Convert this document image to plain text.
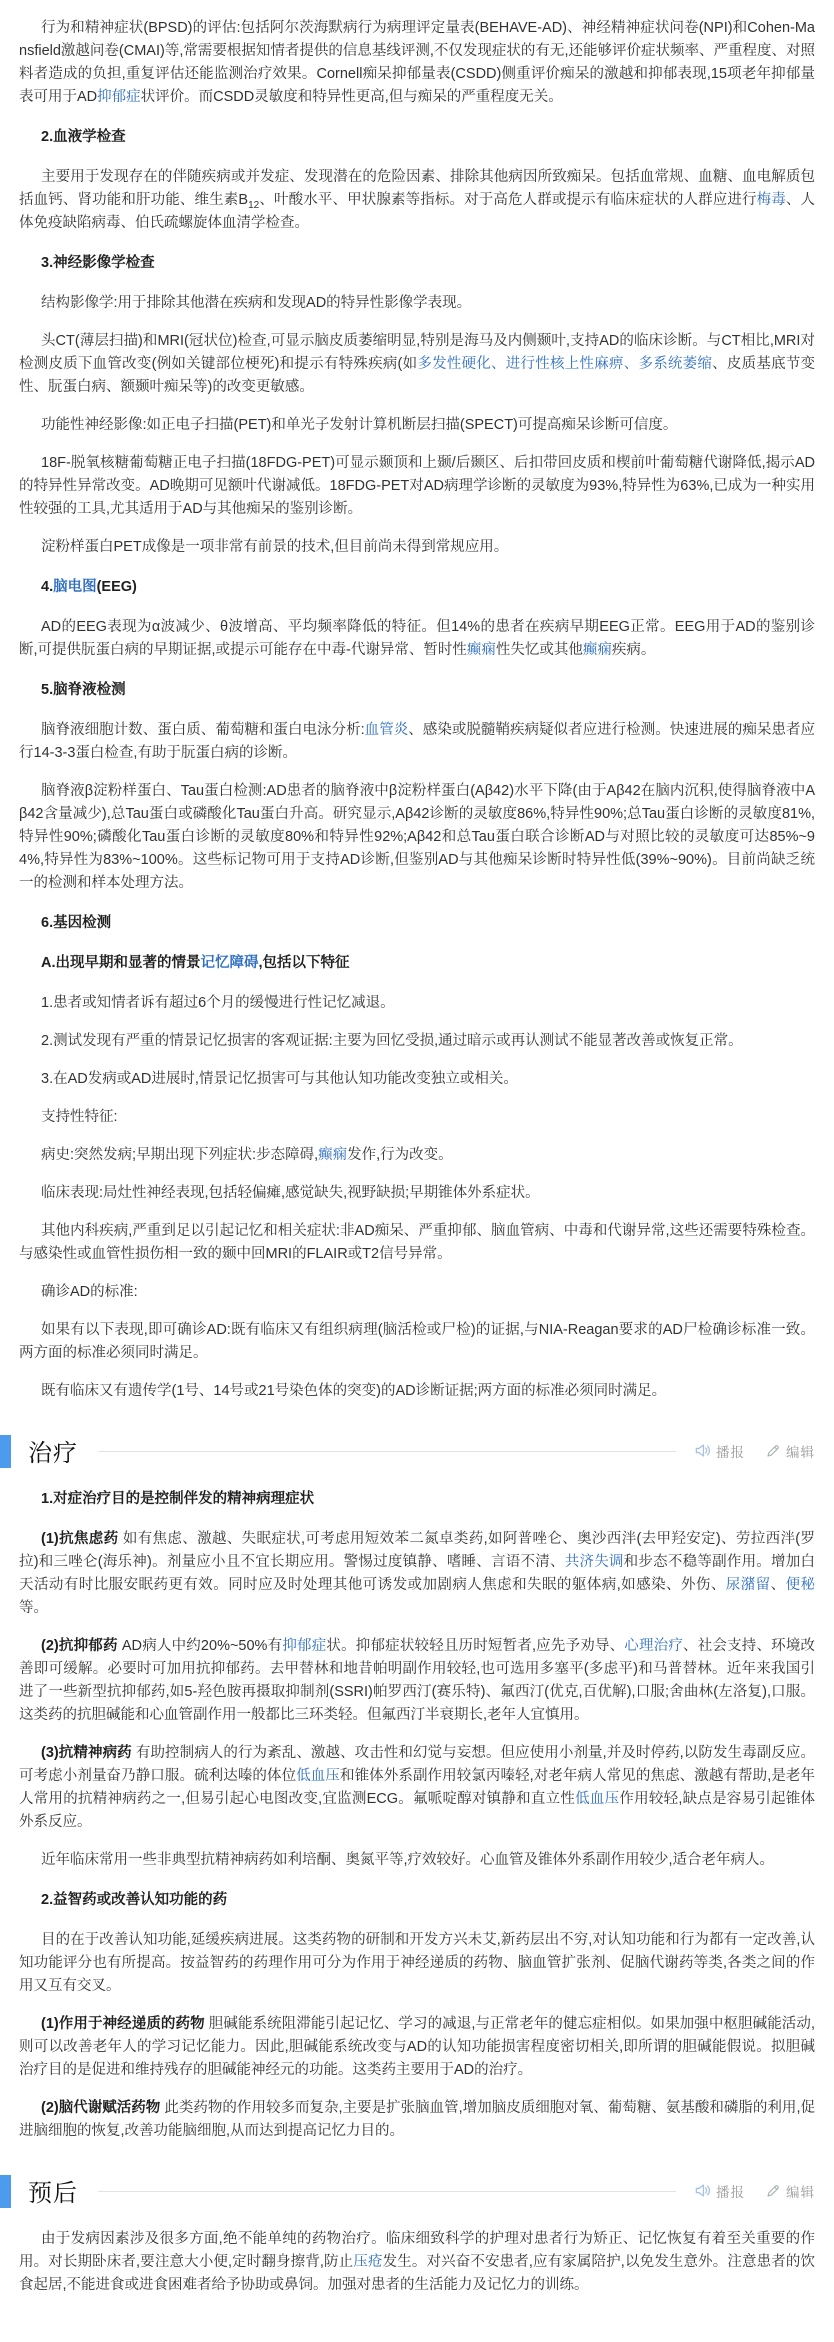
行为和精神症状(BPSD)的评估:包括阿尔茨海默病行为病理评定量表(BEHAVE-AD)、神经精神症状问卷(NPI)和Cohen-Mansfield激越问卷(CMAI)等,常需要根据知情者提供的信息基线评测,不仅发现症状的有无,还能够评价症状频率、严重程度、对照料者造成的负担,重复评估还能监测治疗效果。Cornell痴呆抑郁量表(CSDD)侧重评价痴呆的激越和抑郁表现,15项老年抑郁量表可用于AD抑郁症状评价。而CSDD灵敏度和特异性更高,但与痴呆的严重程度无关。

2.血液学检查

主要用于发现存在的伴随疾病或并发症、发现潜在的危险因素、排除其他病因所致痴呆。包括血常规、血糖、血电解质包括血钙、肾功能和肝功能、维生素$B_{12}$、叶酸水平、甲状腺素等指标。对于高危人群或提示有临床症状的人群应进行梅毒、人体免疫缺陷病毒、伯氏疏螺旋体血清学检查。

3.神经影像学检查

结构影像学:用于排除其他潜在疾病和发现AD的特异性影像学表现。

头CT(薄层扫描)和MRI(冠状位)检查,可显示脑皮质萎缩明显,特别是海马及内侧颞叶,支持AD的临床诊断。与CT相比,MRI对检测皮质下血管改变(例如关键部位梗死)和提示有特殊疾病(如多发性硬化、进行性核上性麻痹、多系统萎缩、皮质基底节变性、朊蛋白病、额颞叶痴呆等)的改变更敏感。

功能性神经影像:如正电子扫描(PET)和单光子发射计算机断层扫描(SPECT)可提高痴呆诊断可信度。

18F-脱氧核糖葡萄糖正电子扫描(18FDG-PET)可显示颞顶和上颞/后颞区、后扣带回皮质和楔前叶葡萄糖代谢降低,揭示AD的特异性异常改变。AD晚期可见额叶代谢减低。18FDG-PET对AD病理学诊断的灵敏度为93%,特异性为63%,已成为一种实用性较强的工具,尤其适用于AD与其他痴呆的鉴别诊断。

淀粉样蛋白PET成像是一项非常有前景的技术,但目前尚未得到常规应用。

4.脑电图(EEG)

AD的EEG表现为α波减少、θ波增高、平均频率降低的特征。但14%的患者在疾病早期EEG正常。EEG用于AD的鉴别诊断,可提供朊蛋白病的早期证据,或提示可能存在中毒-代谢异常、暂时性癫痫性失忆或其他癫痫疾病。

5.脑脊液检测

脑脊液细胞计数、蛋白质、葡萄糖和蛋白电泳分析:血管炎、感染或脱髓鞘疾病疑似者应进行检测。快速进展的痴呆患者应行14-3-3蛋白检查,有助于朊蛋白病的诊断。

脑脊液β淀粉样蛋白、Tau蛋白检测:AD患者的脑脊液中β淀粉样蛋白(Aβ42)水平下降(由于Aβ42在脑内沉积,使得脑脊液中Aβ42含量减少),总Tau蛋白或磷酸化Tau蛋白升高。研究显示,Aβ42诊断的灵敏度86%,特异性90%;总Tau蛋白诊断的灵敏度81%,特异性90%;磷酸化Tau蛋白诊断的灵敏度80%和特异性92%;Aβ42和总Tau蛋白联合诊断AD与对照比较的灵敏度可达85%~94%,特异性为83%~100%。这些标记物可用于支持AD诊断,但鉴别AD与其他痴呆诊断时特异性低(39%~90%)。目前尚缺乏统一的检测和样本处理方法。

6.基因检测

A.出现早期和显著的情景记忆障碍,包括以下特征

1.患者或知情者诉有超过6个月的缓慢进行性记忆减退。

2.测试发现有严重的情景记忆损害的客观证据:主要为回忆受损,通过暗示或再认测试不能显著改善或恢复正常。

3.在AD发病或AD进展时,情景记忆损害可与其他认知功能改变独立或相关。

支持性特征:

病史:突然发病;早期出现下列症状:步态障碍,癫痫发作,行为改变。

临床表现:局灶性神经表现,包括轻偏瘫,感觉缺失,视野缺损;早期锥体外系症状。

其他内科疾病,严重到足以引起记忆和相关症状:非AD痴呆、严重抑郁、脑血管病、中毒和代谢异常,这些还需要特殊检查。与感染性或血管性损伤相一致的颞中回MRI的FLAIR或T2信号异常。

确诊AD的标准:

如果有以下表现,即可确诊AD:既有临床又有组织病理(脑活检或尸检)的证据,与NIA-Reagan要求的AD尸检确诊标准一致。两方面的标准必须同时满足。

既有临床又有遗传学(1号、14号或21号染色体的突变)的AD诊断证据;两方面的标准必须同时满足。

治疗	播报	编辑

1.对症治疗目的是控制伴发的精神病理症状

(1)抗焦虑药 如有焦虑、激越、失眠症状,可考虑用短效苯二氮卓类药,如阿普唑仑、奥沙西泮(去甲羟安定)、劳拉西泮(罗拉)和三唑仑(海乐神)。剂量应小且不宜长期应用。警惕过度镇静、嗜睡、言语不清、共济失调和步态不稳等副作用。增加白天活动有时比服安眠药更有效。同时应及时处理其他可诱发或加剧病人焦虑和失眠的躯体病,如感染、外伤、尿潴留、便秘等。

(2)抗抑郁药 AD病人中约20%~50%有抑郁症状。抑郁症状较轻且历时短暂者,应先予劝导、心理治疗、社会支持、环境改善即可缓解。必要时可加用抗抑郁药。去甲替林和地昔帕明副作用较轻,也可选用多塞平(多虑平)和马普替林。近年来我国引进了一些新型抗抑郁药,如5-羟色胺再摄取抑制剂(SSRI)帕罗西汀(赛乐特)、氟西汀(优克,百优解),口服;舍曲林(左洛复),口服。这类药的抗胆碱能和心血管副作用一般都比三环类轻。但氟西汀半衰期长,老年人宜慎用。

(3)抗精神病药 有助控制病人的行为紊乱、激越、攻击性和幻觉与妄想。但应使用小剂量,并及时停药,以防发生毒副反应。可考虑小剂量奋乃静口服。硫利达嗪的体位低血压和锥体外系副作用较氯丙嗪轻,对老年病人常见的焦虑、激越有帮助,是老年人常用的抗精神病药之一,但易引起心电图改变,宜监测ECG。氟哌啶醇对镇静和直立性低血压作用较轻,缺点是容易引起锥体外系反应。

近年临床常用一些非典型抗精神病药如利培酮、奥氮平等,疗效较好。心血管及锥体外系副作用较少,适合老年病人。

2.益智药或改善认知功能的药

目的在于改善认知功能,延缓疾病进展。这类药物的研制和开发方兴未艾,新药层出不穷,对认知功能和行为都有一定改善,认知功能评分也有所提高。按益智药的药理作用可分为作用于神经递质的药物、脑血管扩张剂、促脑代谢药等类,各类之间的作用又互有交叉。

(1)作用于神经递质的药物 胆碱能系统阻滞能引起记忆、学习的减退,与正常老年的健忘症相似。如果加强中枢胆碱能活动,则可以改善老年人的学习记忆能力。因此,胆碱能系统改变与AD的认知功能损害程度密切相关,即所谓的胆碱能假说。拟胆碱治疗目的是促进和维持残存的胆碱能神经元的功能。这类药主要用于AD的治疗。

(2)脑代谢赋活药物 此类药物的作用较多而复杂,主要是扩张脑血管,增加脑皮质细胞对氧、葡萄糖、氨基酸和磷脂的利用,促进脑细胞的恢复,改善功能脑细胞,从而达到提高记忆力目的。

预后	播报	编辑

由于发病因素涉及很多方面,绝不能单纯的药物治疗。临床细致科学的护理对患者行为矫正、记忆恢复有着至关重要的作用。对长期卧床者,要注意大小便,定时翻身擦背,防止压疮发生。对兴奋不安患者,应有家属陪护,以免发生意外。注意患者的饮食起居,不能进食或进食困难者给予协助或鼻饲。加强对患者的生活能力及记忆力的训练。
